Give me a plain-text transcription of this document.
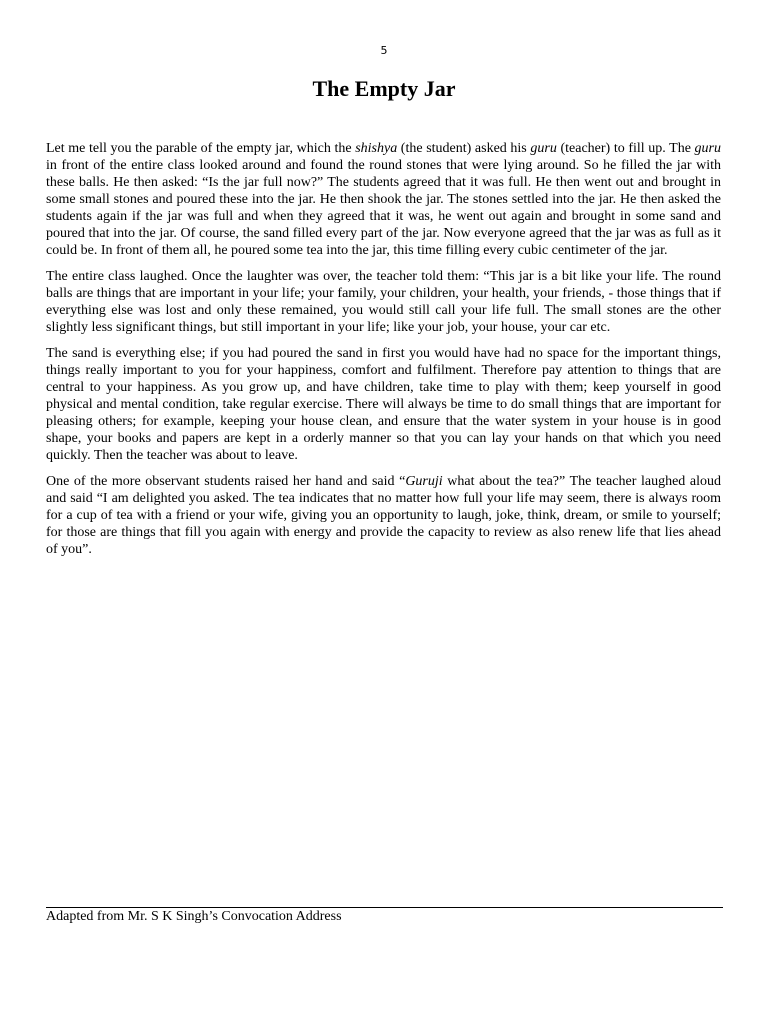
5
The Empty Jar

Let me tell you the parable of the empty jar, which the shishya (the student) asked his guru (teacher) to fill up. The guru in front of the entire class looked around and found the round stones that were lying around. So he filled the jar with these balls. He then asked: “Is the jar full now?” The students agreed that it was full. He then went out and brought in some small stones and poured these into the jar. He then shook the jar. The stones settled into the jar. He then asked the students again if the jar was full and when they agreed that it was, he went out again and brought in some sand and poured that into the jar. Of course, the sand filled every part of the jar. Now everyone agreed that the jar was as full as it could be. In front of them all, he poured some tea into the jar, this time filling every cubic centimeter of the jar.

The entire class laughed. Once the laughter was over, the teacher told them: “This jar is a bit like your life. The round balls are things that are important in your life; your family, your children, your health, your friends, - those things that if everything else was lost and only these remained, you would still call your life full. The small stones are the other slightly less significant things, but still important in your life; like your job, your house, your car etc.

The sand is everything else; if you had poured the sand in first you would have had no space for the important things, things really important to you for your happiness, comfort and fulfilment. Therefore pay attention to things that are central to your happiness. As you grow up, and have children, take time to play with them; keep yourself in good physical and mental condition, take regular exercise. There will always be time to do small things that are important for pleasing others; for example, keeping your house clean, and ensure that the water system in your house is in good shape, your books and papers are kept in a orderly manner so that you can lay your hands on that which you need quickly. Then the teacher was about to leave.

One of the more observant students raised her hand and said “Guruji what about the tea?” The teacher laughed aloud and said “I am delighted you asked. The tea indicates that no matter how full your life may seem, there is always room for a cup of tea with a friend or your wife, giving you an opportunity to laugh, joke, think, dream, or smile to yourself; for those are things that fill you again with energy and provide the capacity to review as also renew life that lies ahead of you”.

Adapted from Mr. S K Singh’s Convocation Address
